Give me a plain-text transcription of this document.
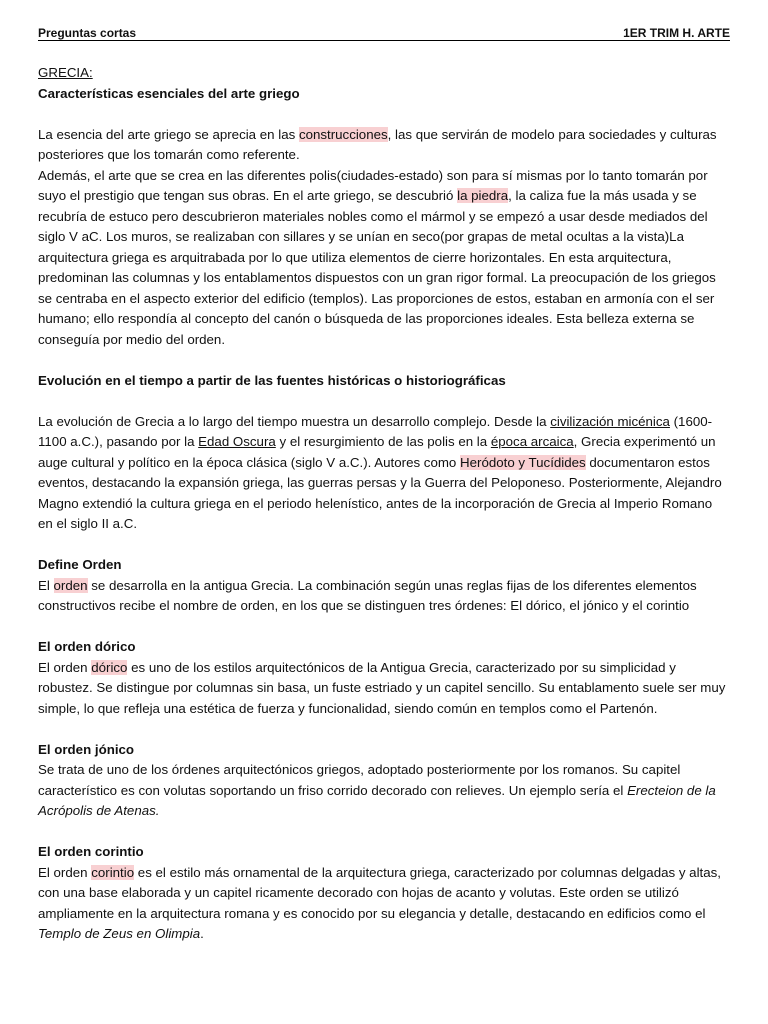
Preguntas cortas	1ER TRIM H. ARTE

GRECIA:

Características esenciales del arte griego

La esencia del arte griego se aprecia en las construcciones, las que servirán de modelo para sociedades y culturas posteriores que los tomarán como referente.

Además, el arte que se crea en las diferentes polis(ciudades-estado) son para sí mismas por lo tanto tomarán por suyo el prestigio que tengan sus obras. En el arte griego, se descubrió la piedra, la caliza fue la más usada y se recubría de estuco pero descubrieron materiales nobles como el mármol y se empezó a usar desde mediados del siglo V aC. Los muros, se realizaban con sillares y se unían en seco(por grapas de metal ocultas a la vista)La arquitectura griega es arquitrabada por lo que utiliza elementos de cierre horizontales. En esta arquitectura, predominan las columnas y los entablamentos dispuestos con un gran rigor formal. La preocupación de los griegos se centraba en el aspecto exterior del edificio (templos). Las proporciones de estos, estaban en armonía con el ser humano; ello respondía al concepto del canón o búsqueda de las proporciones ideales. Esta belleza externa se conseguía por medio del orden.

Evolución en el tiempo a partir de las fuentes históricas o historiográficas

La evolución de Grecia a lo largo del tiempo muestra un desarrollo complejo. Desde la civilización micénica (1600-1100 a.C.), pasando por la Edad Oscura y el resurgimiento de las polis en la época arcaica, Grecia experimentó un auge cultural y político en la época clásica (siglo V a.C.). Autores como Heródoto y Tucídides documentaron estos eventos, destacando la expansión griega, las guerras persas y la Guerra del Peloponeso. Posteriormente, Alejandro Magno extendió la cultura griega en el periodo helenístico, antes de la incorporación de Grecia al Imperio Romano en el siglo II a.C.

Define Orden

El orden se desarrolla en la antigua Grecia. La combinación según unas reglas fijas de los diferentes elementos constructivos recibe el nombre de orden, en los que se distinguen tres órdenes: El dórico, el jónico y el corintio

El orden dórico

El orden dórico es uno de los estilos arquitectónicos de la Antigua Grecia, caracterizado por su simplicidad y robustez. Se distingue por columnas sin basa, un fuste estriado y un capitel sencillo. Su entablamento suele ser muy simple, lo que refleja una estética de fuerza y funcionalidad, siendo común en templos como el Partenón.

El orden jónico

Se trata de uno de los órdenes arquitectónicos griegos, adoptado posteriormente por los romanos. Su capitel característico es con volutas soportando un friso corrido decorado con relieves. Un ejemplo sería el Erecteion de la Acrópolis de Atenas.

El orden corintio

El orden corintio es el estilo más ornamental de la arquitectura griega, caracterizado por columnas delgadas y altas, con una base elaborada y un capitel ricamente decorado con hojas de acanto y volutas. Este orden se utilizó ampliamente en la arquitectura romana y es conocido por su elegancia y detalle, destacando en edificios como el Templo de Zeus en Olimpia.
